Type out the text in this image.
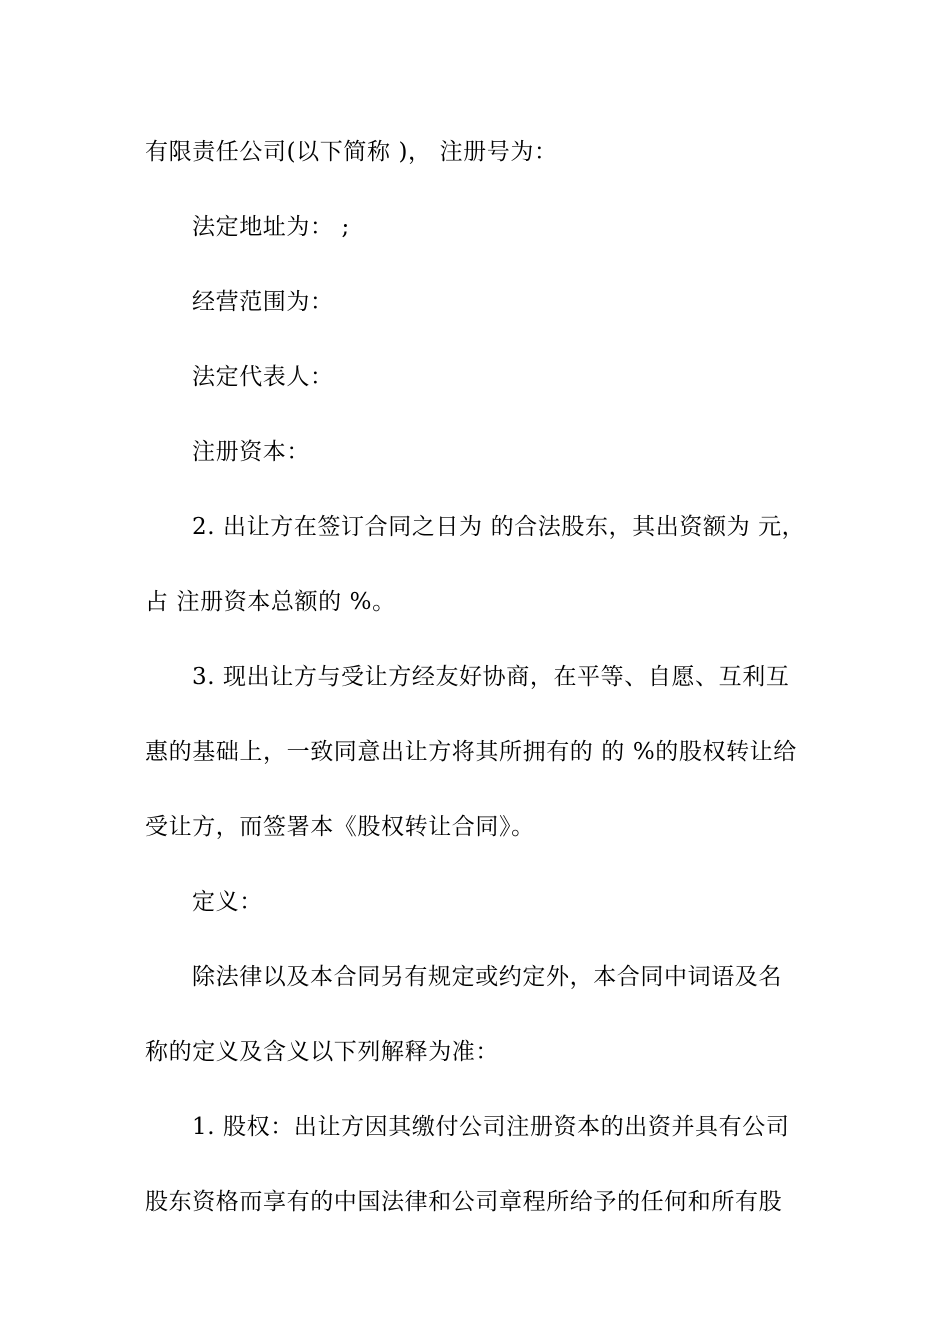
有限责任公司(以下简称 )， 注册号为：
法定地址为： ;
经营范围为：
法定代表人：
注册资本：
2. 出让方在签订合同之日为 的合法股东，其出资额为 元，
占 注册资本总额的 %。
3. 现出让方与受让方经友好协商，在平等、自愿、互利互
惠的基础上，一致同意出让方将其所拥有的 的 %的股权转让给
受让方，而签署本《股权转让合同》。
定义：
除法律以及本合同另有规定或约定外，本合同中词语及名
称的定义及含义以下列解释为准：
1. 股权：出让方因其缴付公司注册资本的出资并具有公司
股东资格而享有的中国法律和公司章程所给予的任何和所有股
